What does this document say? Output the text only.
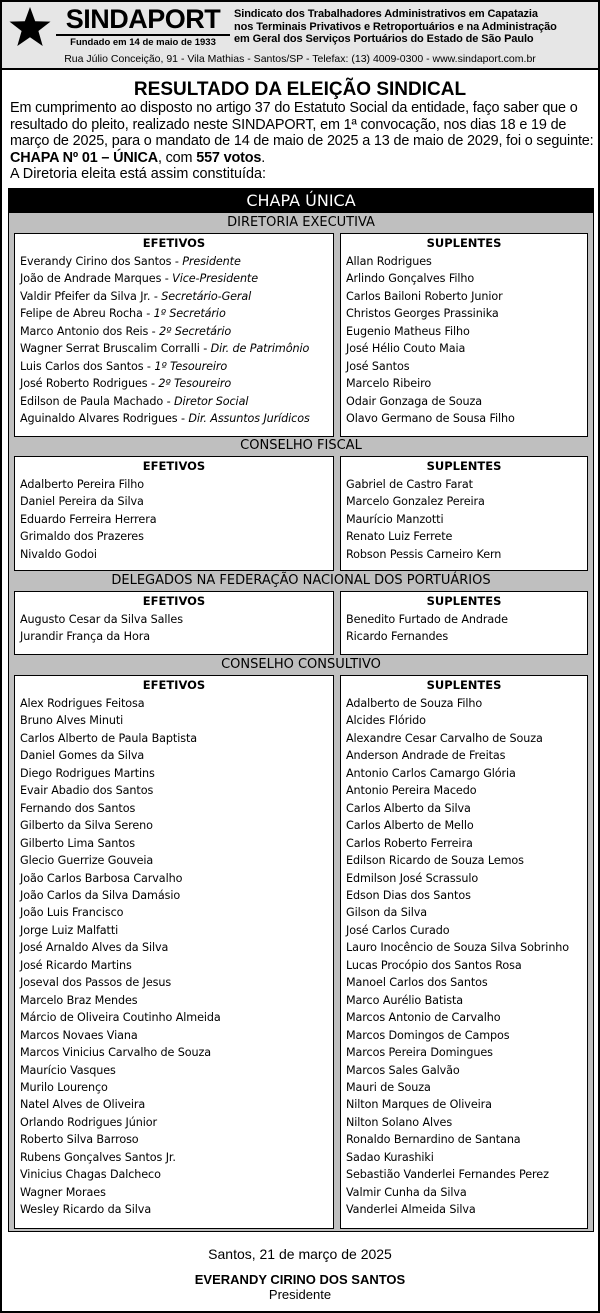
SINDAPORT
Fundado em 14 de maio de 1933
Sindicato dos Trabalhadores Administrativos em Capatazia
nos Terminais Privativos e Retroportuários e na Administração
em Geral dos Serviços Portuários do Estado de São Paulo
Rua Júlio Conceição, 91 - Vila Mathias - Santos/SP - Telefax: (13) 4009-0300 - www.sindaport.com.br
RESULTADO DA ELEIÇÃO SINDICAL
Em cumprimento ao disposto no artigo 37 do Estatuto Social da entidade, faço saber que o resultado do pleito, realizado neste SINDAPORT, em 1ª convocação, nos dias 18 e 19 de março de 2025, para o mandato de 14 de maio de 2025 a 13 de maio de 2029, foi o seguinte: CHAPA Nº 01 – ÚNICA, com 557 votos.
A Diretoria eleita está assim constituída:
CHAPA ÚNICA
DIRETORIA EXECUTIVA
EFETIVOS
Everandy Cirino dos Santos - Presidente
João de Andrade Marques - Vice-Presidente
Valdir Pfeifer da Silva Jr. - Secretário-Geral
Felipe de Abreu Rocha - 1º Secretário
Marco Antonio dos Reis - 2º Secretário
Wagner Serrat Bruscalim Corralli - Dir. de Patrimônio
Luis Carlos dos Santos - 1º Tesoureiro
José Roberto Rodrigues - 2º Tesoureiro
Edilson de Paula Machado - Diretor Social
Aguinaldo Alvares Rodrigues - Dir. Assuntos Jurídicos
SUPLENTES
Allan Rodrigues
Arlindo Gonçalves Filho
Carlos Bailoni Roberto Junior
Christos Georges Prassinika
Eugenio Matheus Filho
José Hélio Couto Maia
José Santos
Marcelo Ribeiro
Odair Gonzaga de Souza
Olavo Germano de Sousa Filho
CONSELHO FISCAL
EFETIVOS
Adalberto Pereira Filho
Daniel Pereira da Silva
Eduardo Ferreira Herrera
Grimaldo dos Prazeres
Nivaldo Godoi
SUPLENTES
Gabriel de Castro Farat
Marcelo Gonzalez Pereira
Maurício Manzotti
Renato Luiz Ferrete
Robson Pessis Carneiro Kern
DELEGADOS NA FEDERAÇÃO NACIONAL DOS PORTUÁRIOS
EFETIVOS
Augusto Cesar da Silva Salles
Jurandir França da Hora
SUPLENTES
Benedito Furtado de Andrade
Ricardo Fernandes
CONSELHO CONSULTIVO
EFETIVOS
Alex Rodrigues Feitosa
Bruno Alves Minuti
Carlos Alberto de Paula Baptista
Daniel Gomes da Silva
Diego Rodrigues Martins
Evair Abadio dos Santos
Fernando dos Santos
Gilberto da Silva Sereno
Gilberto Lima Santos
Glecio Guerrize Gouveia
João Carlos Barbosa Carvalho
João Carlos da Silva Damásio
João Luis Francisco
Jorge Luiz Malfatti
José Arnaldo Alves da Silva
José Ricardo Martins
Joseval dos Passos de Jesus
Marcelo Braz Mendes
Márcio de Oliveira Coutinho Almeida
Marcos Novaes Viana
Marcos Vinicius Carvalho de Souza
Maurício Vasques
Murilo Lourenço
Natel Alves de Oliveira
Orlando Rodrigues Júnior
Roberto Silva Barroso
Rubens Gonçalves Santos Jr.
Vinicius Chagas Dalcheco
Wagner Moraes
Wesley Ricardo da Silva
SUPLENTES
Adalberto de Souza Filho
Alcides Flórido
Alexandre Cesar Carvalho de Souza
Anderson Andrade de Freitas
Antonio Carlos Camargo Glória
Antonio Pereira Macedo
Carlos Alberto da Silva
Carlos Alberto de Mello
Carlos Roberto Ferreira
Edilson Ricardo de Souza Lemos
Edmilson José Scrassulo
Edson Dias dos Santos
Gilson da Silva
José Carlos Curado
Lauro Inocêncio de Souza Silva Sobrinho
Lucas Procópio dos Santos Rosa
Manoel Carlos dos Santos
Marco Aurélio Batista
Marcos Antonio de Carvalho
Marcos Domingos de Campos
Marcos Pereira Domingues
Marcos Sales Galvão
Mauri de Souza
Nilton Marques de Oliveira
Nilton Solano Alves
Ronaldo Bernardino de Santana
Sadao Kurashiki
Sebastião Vanderlei Fernandes Perez
Valmir Cunha da Silva
Vanderlei Almeida Silva
Santos, 21 de março de 2025
EVERANDY CIRINO DOS SANTOS
Presidente
